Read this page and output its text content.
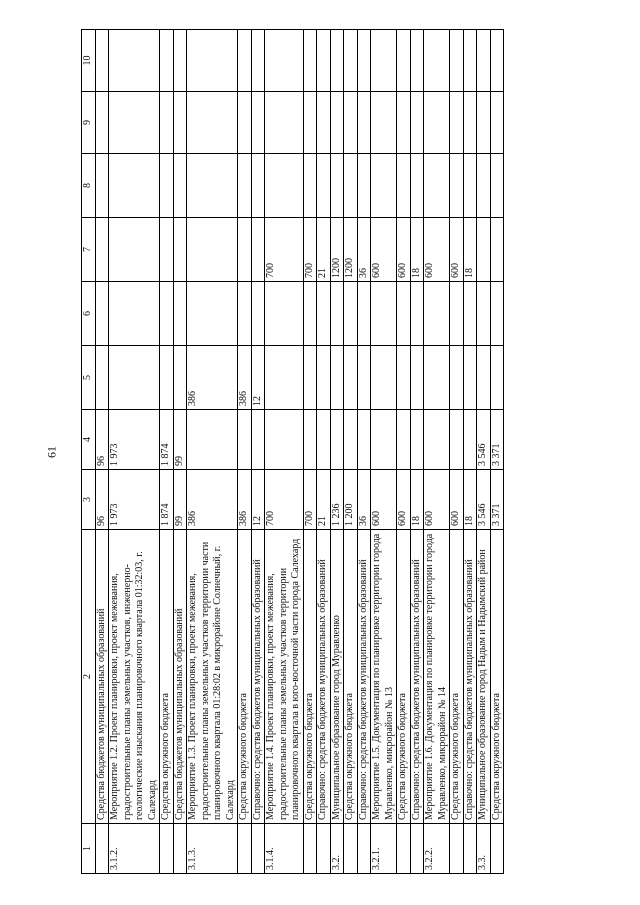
61
1	2	3	4	5	6	7	8	9	10
	Средства бюджетов муниципальных образований	96	96						
3.1.2.	Мероприятие 1.2. Проект планировки, проект межевания, градостроительные планы земельных участков, инженерно-геологические изыскания планировочного квартала 01:32:03, г. Салехард	1 973	1 973						
	Средства окружного бюджета	1 874	1 874						
	Средства бюджетов муниципальных образований	99	99						
3.1.3.	Мероприятие 1.3. Проект планировки, проект межевания, градостроительные планы земельных участков территории части планировочного квартала 01:28:02 в микрорайоне Солнечный, г. Салехард	386		386					
	Средства окружного бюджета	386		386					
	Справочно: средства бюджетов муниципальных образований	12		12					
3.1.4.	Мероприятие 1.4. Проект планировки, проект межевания, градостроительные планы земельных участков территории планировочного квартала в юго-восточной части города Салехард	700				700			
	Средства окружного бюджета	700				700			
	Справочно: средства бюджетов муниципальных образований	21				21			
3.2.	Муниципальное образование город Муравленко	1 236				1200			
	Средства окружного бюджета	1 200				1200			
	Справочно: средства бюджетов муниципальных образований	36				36			
3.2.1.	Мероприятие 1.5. Документация по планировке территории города Муравленко, микрорайон № 13	600				600			
	Средства окружного бюджета	600				600			
	Справочно: средства бюджетов муниципальных образований	18				18			
3.2.2.	Мероприятие 1.6. Документация по планировке территории города Муравленко, микрорайон № 14	600				600			
	Средства окружного бюджета	600				600			
	Справочно: средства бюджетов муниципальных образований	18				18			
3.3.	Муниципальное образование город Надым и Надымский район	3 546	3 546						
	Средства окружного бюджета	3 371	3 371						
